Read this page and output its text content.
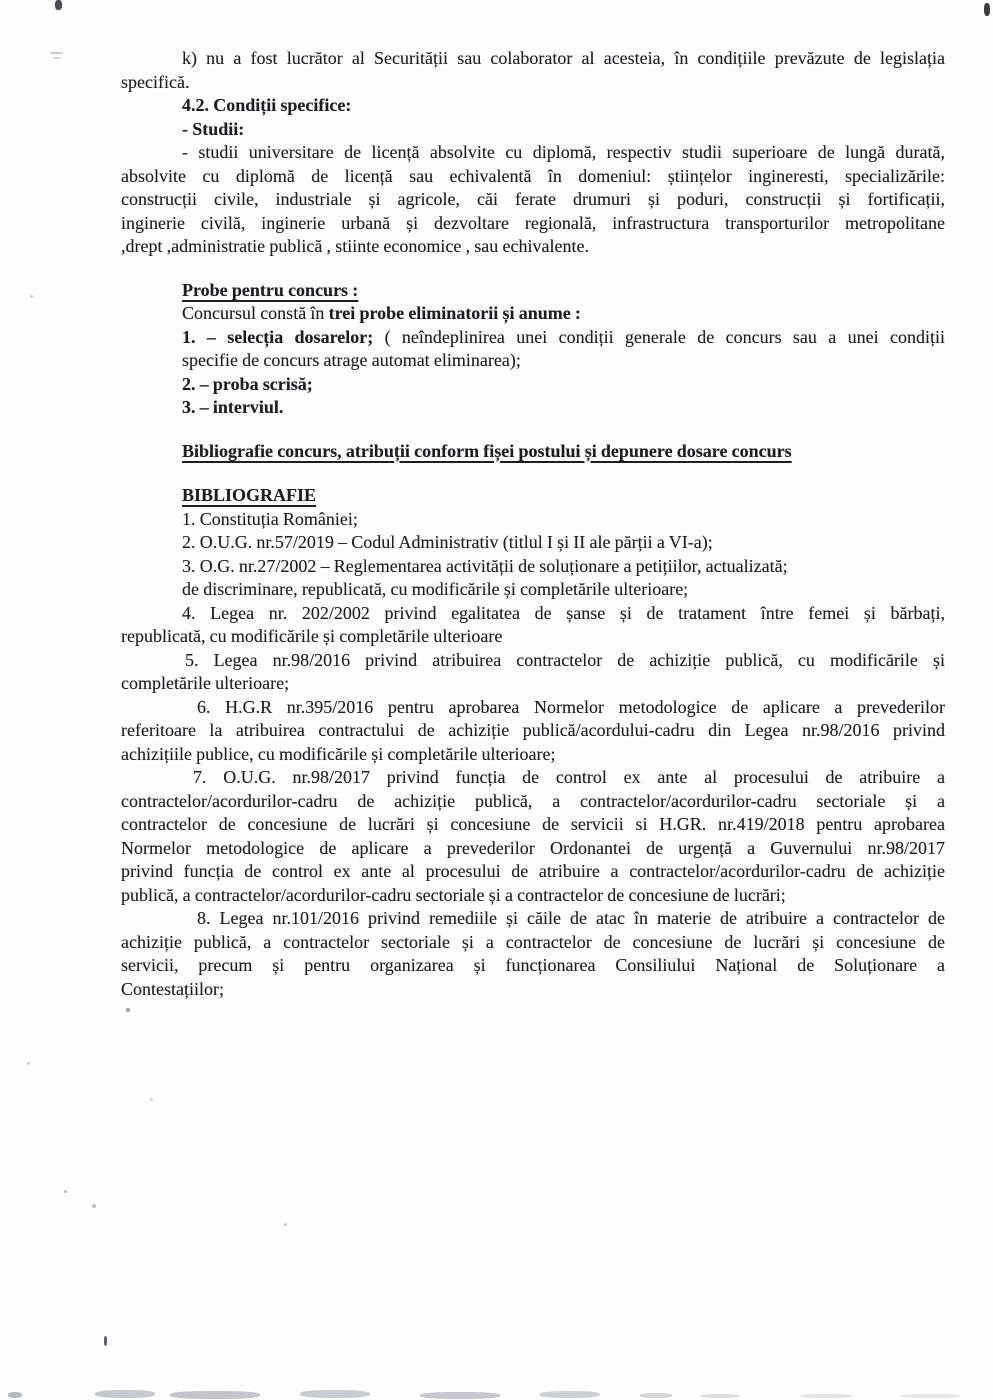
k) nu a fost lucrător al Securității sau colaborator al acesteia, în condițiile prevăzute de legislația
specifică.
4.2. Condiții specifice:
- Studii:
- studii universitare de licență absolvite cu diplomă, respectiv studii superioare de lungă durată,
absolvite cu diplomă de licență sau echivalentă în domeniul: științelor ingineresti, specializările:
construcții civile, industriale și agricole, căi ferate drumuri și poduri, construcții și fortificații,
inginerie civilă, inginerie urbană și dezvoltare regională, infrastructura transporturilor metropolitane
,drept ,administratie publică , stiinte economice , sau echivalente.
Probe pentru concurs :
Concursul constă în trei probe eliminatorii și anume :
1. – selecția dosarelor; ( neîndeplinirea unei condiții generale de concurs sau a unei condiții
specifie de concurs atrage automat eliminarea);
2. – proba scrisă;
3. – interviul.
Bibliografie concurs, atribuții conform fișei postului și depunere dosare concurs
BIBLIOGRAFIE
1. Constituția României;
2. O.U.G. nr.57/2019 – Codul Administrativ (titlul I și II ale părții a VI-a);
3. O.G. nr.27/2002 – Reglementarea activității de soluționare a petițiilor, actualizată;
de discriminare, republicată, cu modificările și completările ulterioare;
4. Legea nr. 202/2002 privind egalitatea de șanse și de tratament între femei și bărbați,
republicată, cu modificările și completările ulterioare
5. Legea nr.98/2016 privind atribuirea contractelor de achiziție publică, cu modificările și
completările ulterioare;
6. H.G.R nr.395/2016 pentru aprobarea Normelor metodologice de aplicare a prevederilor
referitoare la atribuirea contractului de achiziție publică/acordului-cadru din Legea nr.98/2016 privind
achizițiile publice, cu modificările și completările ulterioare;
7. O.U.G. nr.98/2017 privind funcția de control ex ante al procesului de atribuire a
contractelor/acordurilor-cadru de achiziție publică, a contractelor/acordurilor-cadru sectoriale și a
contractelor de concesiune de lucrări și concesiune de servicii si H.GR. nr.419/2018 pentru aprobarea
Normelor metodologice de aplicare a prevederilor Ordonantei de urgență a Guvernului nr.98/2017
privind funcția de control ex ante al procesului de atribuire a contractelor/acordurilor-cadru de achiziție
publică, a contractelor/acordurilor-cadru sectoriale și a contractelor de concesiune de lucrări;
8. Legea nr.101/2016 privind remediile și căile de atac în materie de atribuire a contractelor de
achiziție publică, a contractelor sectoriale și a contractelor de concesiune de lucrări și concesiune de
servicii, precum și pentru organizarea și funcționarea Consiliului Național de Soluționare a
Contestațiilor;
